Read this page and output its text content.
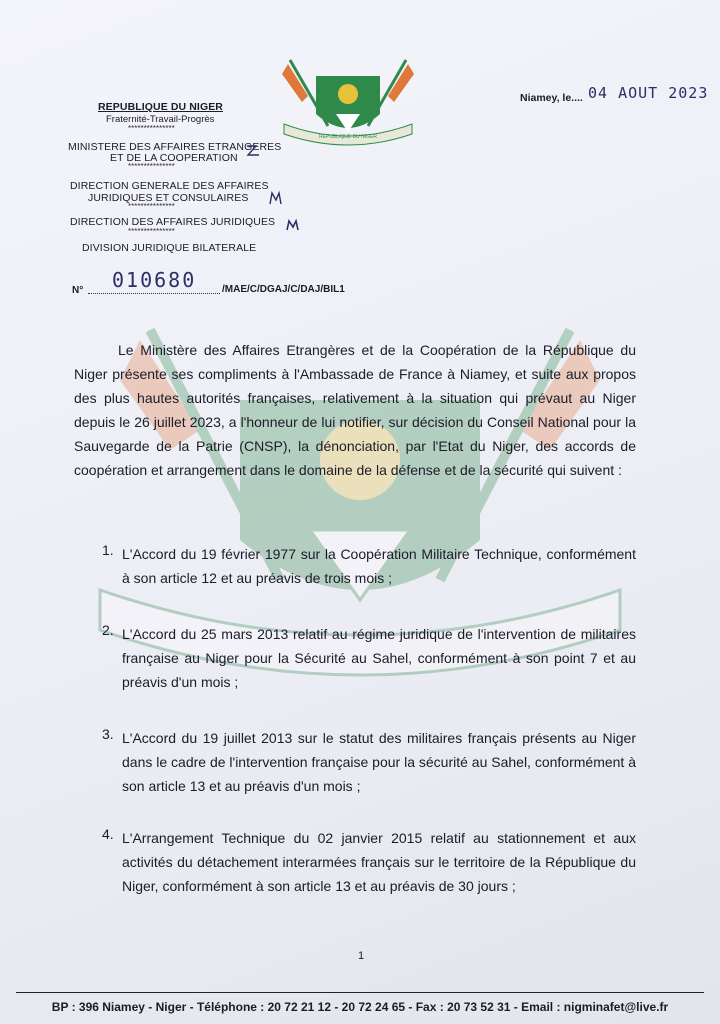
REPUBLIQUE DU NIGER
Fraternité-Travail-Progrès
***************
MINISTERE DES AFFAIRES ETRANGERES
ET DE LA COOPERATION
***************
DIRECTION GENERALE DES AFFAIRES
JURIDIQUES ET CONSULAIRES
***************
DIRECTION DES AFFAIRES JURIDIQUES
***************
DIVISION JURIDIQUE BILATERALE
N° 010680	/MAE/C/DGAJ/C/DAJ/BIL1
REPUBLIQUE DU NIGER
Niamey, le.... 04 AOUT 2023
Le Ministère des Affaires Etrangères et de la Coopération de la République du Niger présente ses compliments à l'Ambassade de France à Niamey, et suite aux propos des plus hautes autorités françaises, relativement à la situation qui prévaut au Niger depuis le 26 juillet 2023, a l'honneur de lui notifier, sur décision du Conseil National pour la Sauvegarde de la Patrie (CNSP), la dénonciation, par l'Etat du Niger, des accords de coopération et arrangement dans le domaine de la défense et de la sécurité qui suivent :
1. L'Accord du 19 février 1977 sur la Coopération Militaire Technique, conformément à son article 12 et au préavis de trois mois ;
2. L'Accord du 25 mars 2013 relatif au régime juridique de l'intervention de militaires française au Niger pour la Sécurité au Sahel, conformément à son point 7 et au préavis d'un mois ;
3. L'Accord du 19 juillet 2013 sur le statut des militaires français présents au Niger dans le cadre de l'intervention française pour la sécurité au Sahel, conformément à son article 13 et au préavis d'un mois ;
4. L'Arrangement Technique du 02 janvier 2015 relatif au stationnement et aux activités du détachement interarmées français sur le territoire de la République du Niger, conformément à son article 13 et au préavis de 30 jours ;
1
BP : 396 Niamey - Niger - Téléphone : 20 72 21 12 - 20 72 24 65 - Fax : 20 73 52 31 - Email : nigminafet@live.fr
